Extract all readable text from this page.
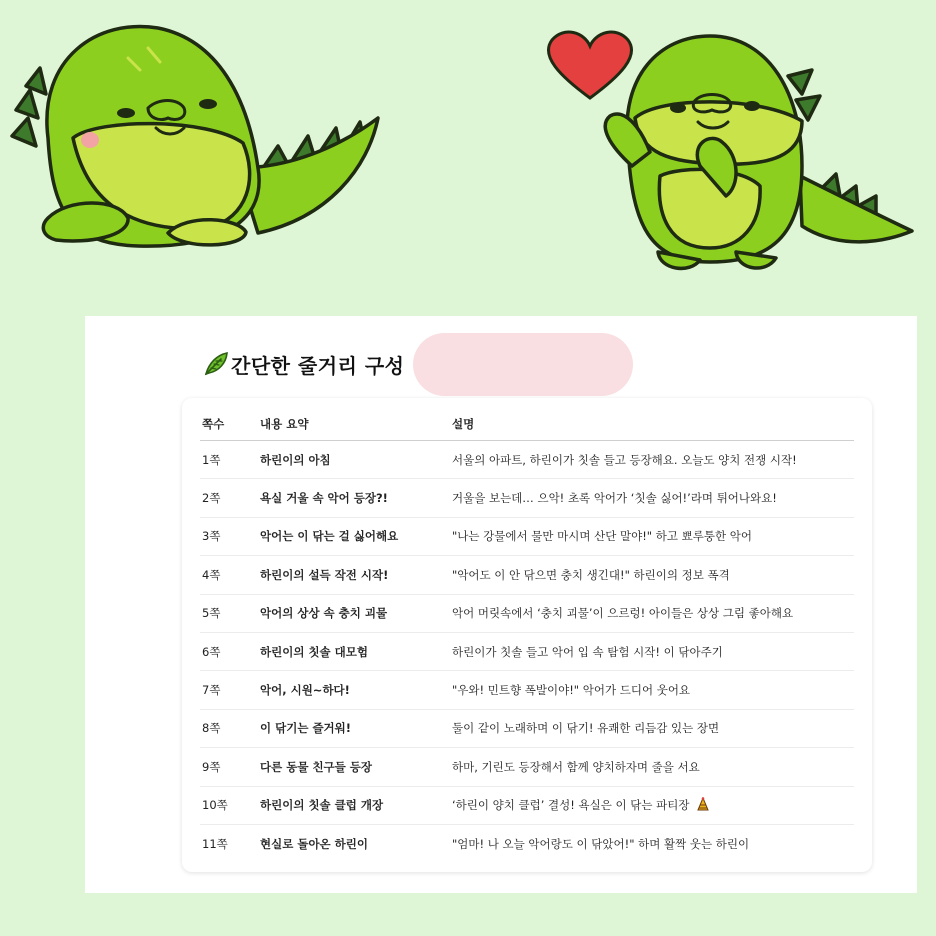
간단한 줄거리 구성
쪽수	내용 요약	설명
1쪽	하린이의 아침	서울의 아파트, 하린이가 칫솔 들고 등장해요. 오늘도 양치 전쟁 시작!
2쪽	욕실 거울 속 악어 등장?!	거울을 보는데… 으악! 초록 악어가 ‘칫솔 싫어!’라며 튀어나와요!
3쪽	악어는 이 닦는 걸 싫어해요	"나는 강물에서 물만 마시며 산단 말야!" 하고 뾰루퉁한 악어
4쪽	하린이의 설득 작전 시작!	"악어도 이 안 닦으면 충치 생긴대!" 하린이의 정보 폭격
5쪽	악어의 상상 속 충치 괴물	악어 머릿속에서 ‘충치 괴물’이 으르렁! 아이들은 상상 그림 좋아해요
6쪽	하린이의 칫솔 대모험	하린이가 칫솔 들고 악어 입 속 탐험 시작! 이 닦아주기
7쪽	악어, 시원~하다!	"우와! 민트향 폭발이야!" 악어가 드디어 웃어요
8쪽	이 닦기는 즐거워!	둘이 같이 노래하며 이 닦기! 유쾌한 리듬감 있는 장면
9쪽	다른 동물 친구들 등장	하마, 기린도 등장해서 함께 양치하자며 줄을 서요
10쪽	하린이의 칫솔 클럽 개장	‘하린이 양치 클럽’ 결성! 욕실은 이 닦는 파티장
11쪽	현실로 돌아온 하린이	"엄마! 나 오늘 악어랑도 이 닦았어!" 하며 활짝 웃는 하린이
